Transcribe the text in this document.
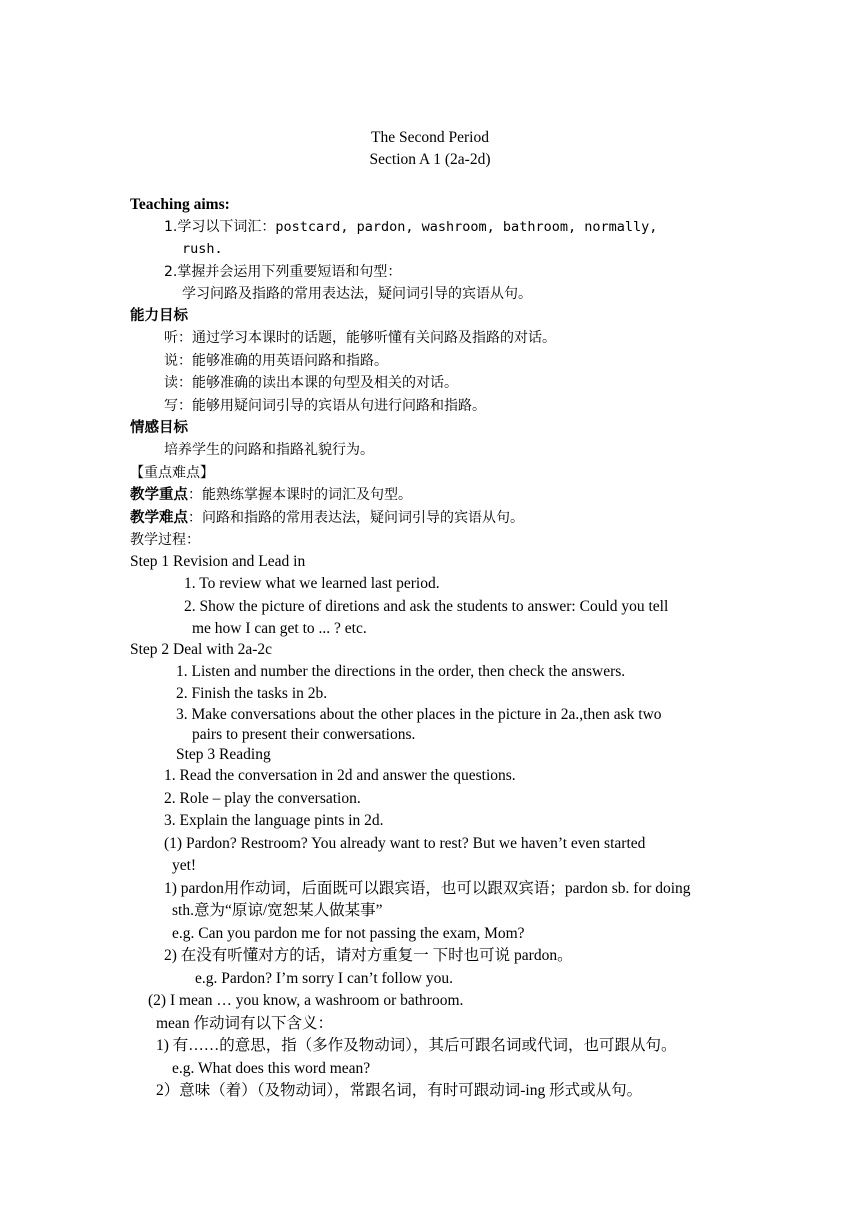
The Second Period
Section A 1 (2a-2d)
Teaching aims:
1.学习以下词汇：postcard, pardon, washroom, bathroom, normally,
rush.
2.掌握并会运用下列重要短语和句型：
学习问路及指路的常用表达法，疑问词引导的宾语从句。
能力目标
听：通过学习本课时的话题，能够听懂有关问路及指路的对话。
说：能够准确的用英语问路和指路。
读：能够准确的读出本课的句型及相关的对话。
写：能够用疑问词引导的宾语从句进行问路和指路。
情感目标
培养学生的问路和指路礼貌行为。
【重点难点】
教学重点：能熟练掌握本课时的词汇及句型。
教学难点：问路和指路的常用表达法，疑问词引导的宾语从句。
教学过程：
Step 1 Revision and Lead in
1. To review what we learned last period.
2. Show the picture of diretions and ask the students to answer: Could you tell
me how I can get to ... ? etc.
Step 2 Deal with 2a-2c
1. Listen and number the directions in the order, then check the answers.
2. Finish the tasks in 2b.
3. Make conversations about the other places in the picture in 2a.,then ask two
pairs to present their conwersations.
Step 3 Reading
1. Read the conversation in 2d and answer the questions.
2. Role – play the conversation.
3. Explain the language pints in 2d.
(1) Pardon? Restroom? You already want to rest? But we haven’t even started
yet!
1) pardon用作动词，后面既可以跟宾语，也可以跟双宾语；pardon sb. for doing
sth.意为“原谅/宽恕某人做某事”
e.g. Can you pardon me for not passing the exam, Mom?
2) 在没有听懂对方的话，请对方重复一 下时也可说 pardon。
e.g. Pardon? I’m sorry I can’t follow you.
(2) I mean … you know, a washroom or bathroom.
mean 作动词有以下含义：
1) 有……的意思，指（多作及物动词），其后可跟名词或代词，也可跟从句。
e.g. What does this word mean?
2）意味（着）（及物动词），常跟名词，有时可跟动词-ing 形式或从句。
